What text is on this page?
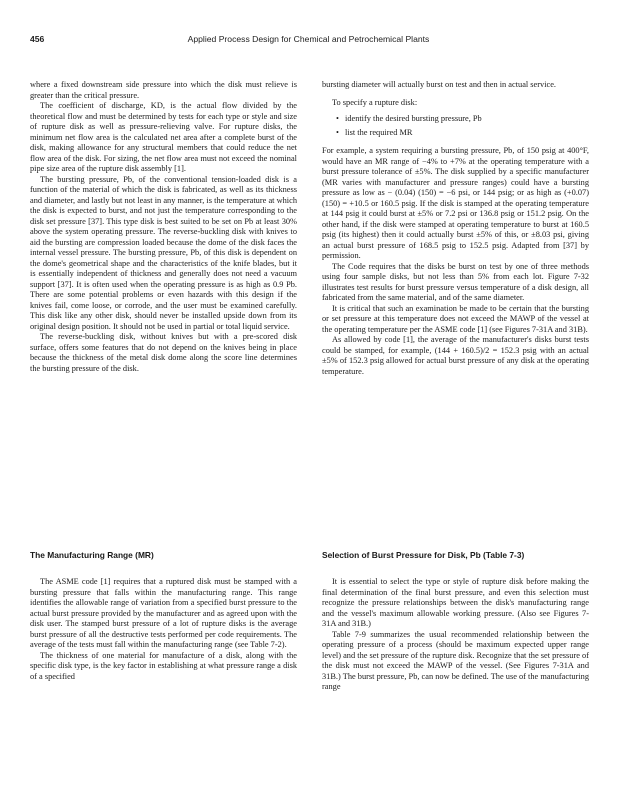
456	Applied Process Design for Chemical and Petrochemical Plants

where a fixed downstream side pressure into which the disk must relieve is greater than the critical pressure.

The coefficient of discharge, KD, is the actual flow divided by the theoretical flow and must be determined by tests for each type or style and size of rupture disk as well as pressure-relieving valve. For rupture disks, the minimum net flow area is the calculated net area after a complete burst of the disk, making allowance for any structural members that could reduce the net flow area of the disk. For sizing, the net flow area must not exceed the nominal pipe size area of the rupture disk assembly [1].

The bursting pressure, Pb, of the conventional tension-loaded disk is a function of the material of which the disk is fabricated, as well as its thickness and diameter, and lastly but not least in any manner, is the temperature at which the disk is expected to burst, and not just the temperature corresponding to the disk set pressure [37]. This type disk is best suited to be set on Pb at least 30% above the system operating pressure. The reverse-buckling disk with knives to aid the bursting are compression loaded because the dome of the disk faces the internal vessel pressure. The bursting pressure, Pb, of this disk is dependent on the dome's geometrical shape and the characteristics of the knife blades, but it is essentially independent of thickness and generally does not need a vacuum support [37]. It is often used when the operating pressure is as high as 0.9 Pb. There are some potential problems or even hazards with this design if the knives fail, come loose, or corrode, and the user must be examined carefully. This disk like any other disk, should never be installed upside down from its original design position. It should not be used in partial or total liquid service.

The reverse-buckling disk, without knives but with a pre-scored disk surface, offers some features that do not depend on the knives being in place because the thickness of the metal disk dome along the score line determines the bursting pressure of the disk.

bursting diameter will actually burst on test and then in actual service.

To specify a rupture disk:

• identify the desired bursting pressure, Pb
• list the required MR

For example, a system requiring a bursting pressure, Pb, of 150 psig at 400°F, would have an MR range of −4% to +7% at the operating temperature with a burst pressure tolerance of ±5%. The disk supplied by a specific manufacturer (MR varies with manufacturer and pressure ranges) could have a bursting pressure as low as − (0.04) (150) = −6 psi, or 144 psig; or as high as (+0.07) (150) = +10.5 or 160.5 psig. If the disk is stamped at the operating temperature at 144 psig it could burst at ±5% or 7.2 psi or 136.8 psig or 151.2 psig. On the other hand, if the disk were stamped at operating temperature to burst at 160.5 psig (its highest) then it could actually burst ±5% of this, or ±8.03 psi, giving an actual burst pressure of 168.5 psig to 152.5 psig. Adapted from [37] by permission.

The Code requires that the disks be burst on test by one of three methods using four sample disks, but not less than 5% from each lot. Figure 7-32 illustrates test results for burst pressure versus temperature of a disk design, all fabricated from the same material, and of the same diameter.

It is critical that such an examination be made to be certain that the bursting or set pressure at this temperature does not exceed the MAWP of the vessel at the operating temperature per the ASME code [1] (see Figures 7-31A and 31B).

As allowed by code [1], the average of the manufacturer's disks burst tests could be stamped, for example, (144 + 160.5)/2 = 152.3 psig with an actual ±5% of 152.3 psig allowed for actual burst pressure of any disk at the operating temperature.

The Manufacturing Range (MR)	Selection of Burst Pressure for Disk, Pb (Table 7-3)

The ASME code [1] requires that a ruptured disk must be stamped with a bursting pressure that falls within the manufacturing range. This range identifies the allowable range of variation from a specified burst pressure to the actual burst pressure provided by the manufacturer and as agreed upon with the disk user. The stamped burst pressure of a lot of rupture disks is the average burst pressure of all the destructive tests performed per code requirements. The average of the tests must fall within the manufacturing range (see Table 7-2).

The thickness of one material for manufacture of a disk, along with the specific disk type, is the key factor in establishing at what pressure range a disk of a specified

It is essential to select the type or style of rupture disk before making the final determination of the final burst pressure, and even this selection must recognize the pressure relationships between the disk's manufacturing range and the vessel's maximum allowable working pressure. (Also see Figures 7-31A and 31B.)

Table 7-9 summarizes the usual recommended relationship between the operating pressure of a process (should be maximum expected upper range level) and the set pressure of the rupture disk. Recognize that the set pressure of the disk must not exceed the MAWP of the vessel. (See Figures 7-31A and 31B.) The burst pressure, Pb, can now be defined. The use of the manufacturing range
